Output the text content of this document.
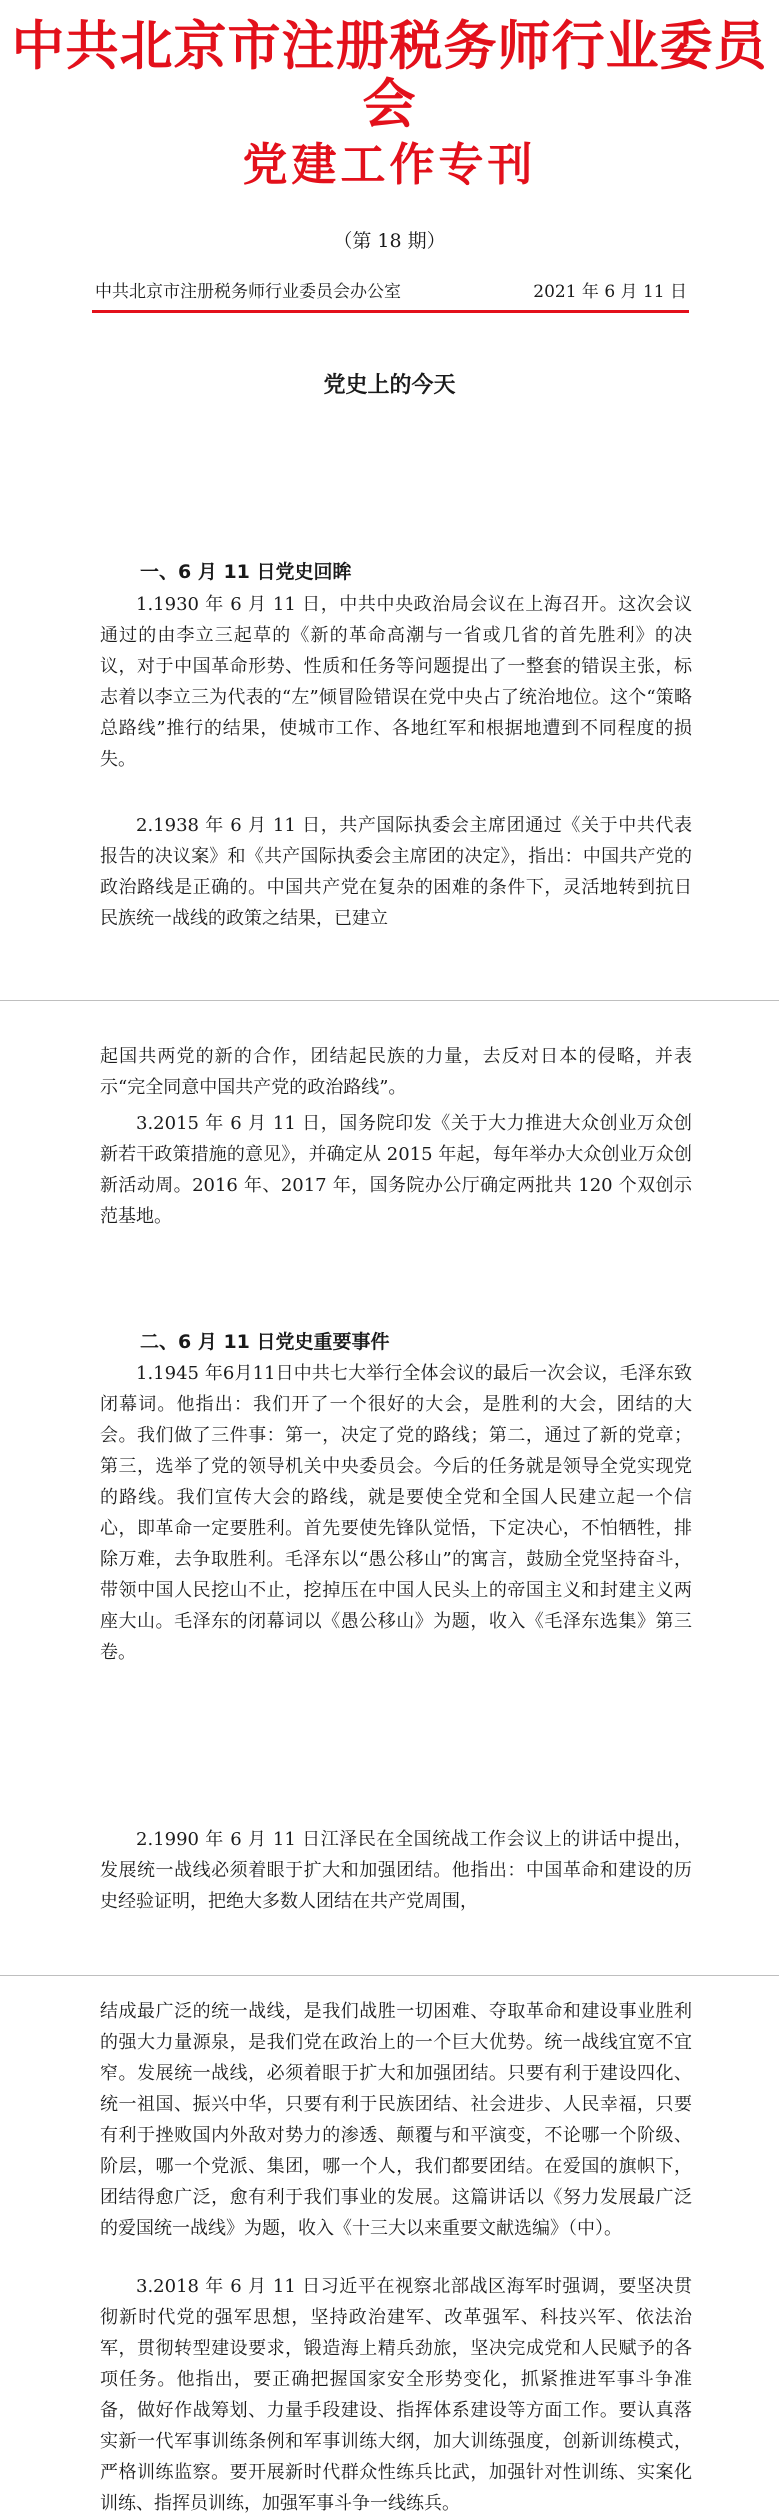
中共北京市注册税务师行业委员会
党建工作专刊
（第 18 期）
中共北京市注册税务师行业委员会办公室	2021 年 6 月 11 日
党史上的今天
一、6 月 11 日党史回眸

1.1930 年 6 月 11 日，中共中央政治局会议在上海召开。这次会议通过的由李立三起草的《新的革命高潮与一省或几省的首先胜利》的决议，对于中国革命形势、性质和任务等问题提出了一整套的错误主张，标志着以李立三为代表的“左”倾冒险错误在党中央占了统治地位。这个“策略总路线”推行的结果，使城市工作、各地红军和根据地遭到不同程度的损失。

2.1938 年 6 月 11 日，共产国际执委会主席团通过《关于中共代表报告的决议案》和《共产国际执委会主席团的决定》，指出：中国共产党的政治路线是正确的。中国共产党在复杂的困难的条件下，灵活地转到抗日民族统一战线的政策之结果，已建立

起国共两党的新的合作，团结起民族的力量，去反对日本的侵略，并表示“完全同意中国共产党的政治路线”。

3.2015 年 6 月 11 日，国务院印发《关于大力推进大众创业万众创新若干政策措施的意见》，并确定从 2015 年起，每年举办大众创业万众创新活动周。2016 年、2017 年，国务院办公厅确定两批共 120 个双创示范基地。

二、6 月 11 日党史重要事件

1.1945 年6月11日中共七大举行全体会议的最后一次会议，毛泽东致闭幕词。他指出：我们开了一个很好的大会，是胜利的大会，团结的大会。我们做了三件事：第一，决定了党的路线；第二，通过了新的党章；第三，选举了党的领导机关中央委员会。今后的任务就是领导全党实现党的路线。我们宣传大会的路线，就是要使全党和全国人民建立起一个信心，即革命一定要胜利。首先要使先锋队觉悟，下定决心，不怕牺牲，排除万难，去争取胜利。毛泽东以“愚公移山”的寓言，鼓励全党坚持奋斗，带领中国人民挖山不止，挖掉压在中国人民头上的帝国主义和封建主义两座大山。毛泽东的闭幕词以《愚公移山》为题，收入《毛泽东选集》第三卷。

2.1990 年 6 月 11 日江泽民在全国统战工作会议上的讲话中提出，发展统一战线必须着眼于扩大和加强团结。他指出：中国革命和建设的历史经验证明，把绝大多数人团结在共产党周围，

结成最广泛的统一战线，是我们战胜一切困难、夺取革命和建设事业胜利的强大力量源泉，是我们党在政治上的一个巨大优势。统一战线宜宽不宜窄。发展统一战线，必须着眼于扩大和加强团结。只要有利于建设四化、统一祖国、振兴中华，只要有利于民族团结、社会进步、人民幸福，只要有利于挫败国内外敌对势力的渗透、颠覆与和平演变，不论哪一个阶级、阶层，哪一个党派、集团，哪一个人，我们都要团结。在爱国的旗帜下，团结得愈广泛，愈有利于我们事业的发展。这篇讲话以《努力发展最广泛的爱国统一战线》为题，收入《十三大以来重要文献选编》（中）。

3.2018 年 6 月 11 日习近平在视察北部战区海军时强调，要坚决贯彻新时代党的强军思想，坚持政治建军、改革强军、科技兴军、依法治军，贯彻转型建设要求，锻造海上精兵劲旅，坚决完成党和人民赋予的各项任务。他指出，要正确把握国家安全形势变化，抓紧推进军事斗争准备，做好作战筹划、力量手段建设、指挥体系建设等方面工作。要认真落实新一代军事训练条例和军事训练大纲，加大训练强度，创新训练模式，严格训练监察。要开展新时代群众性练兵比武，加强针对性训练、实案化训练、指挥员训练，加强军事斗争一线练兵。
